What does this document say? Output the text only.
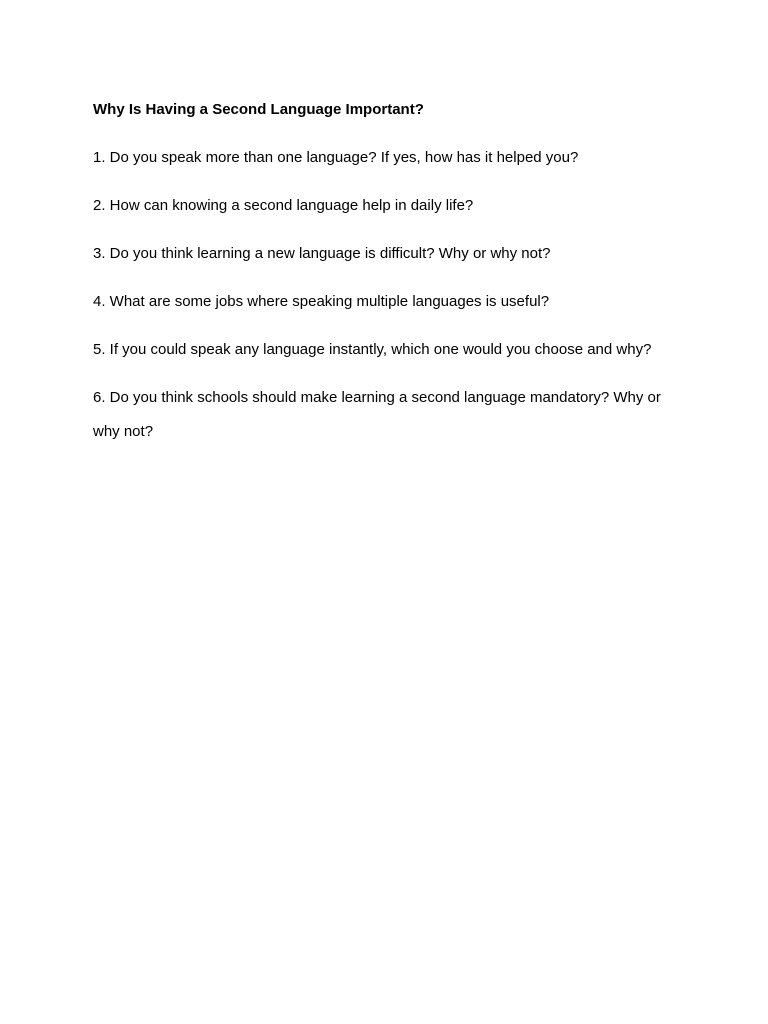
Why Is Having a Second Language Important?
1. Do you speak more than one language? If yes, how has it helped you?
2. How can knowing a second language help in daily life?
3. Do you think learning a new language is difficult? Why or why not?
4. What are some jobs where speaking multiple languages is useful?
5. If you could speak any language instantly, which one would you choose and why?
6. Do you think schools should make learning a second language mandatory? Why or why not?
